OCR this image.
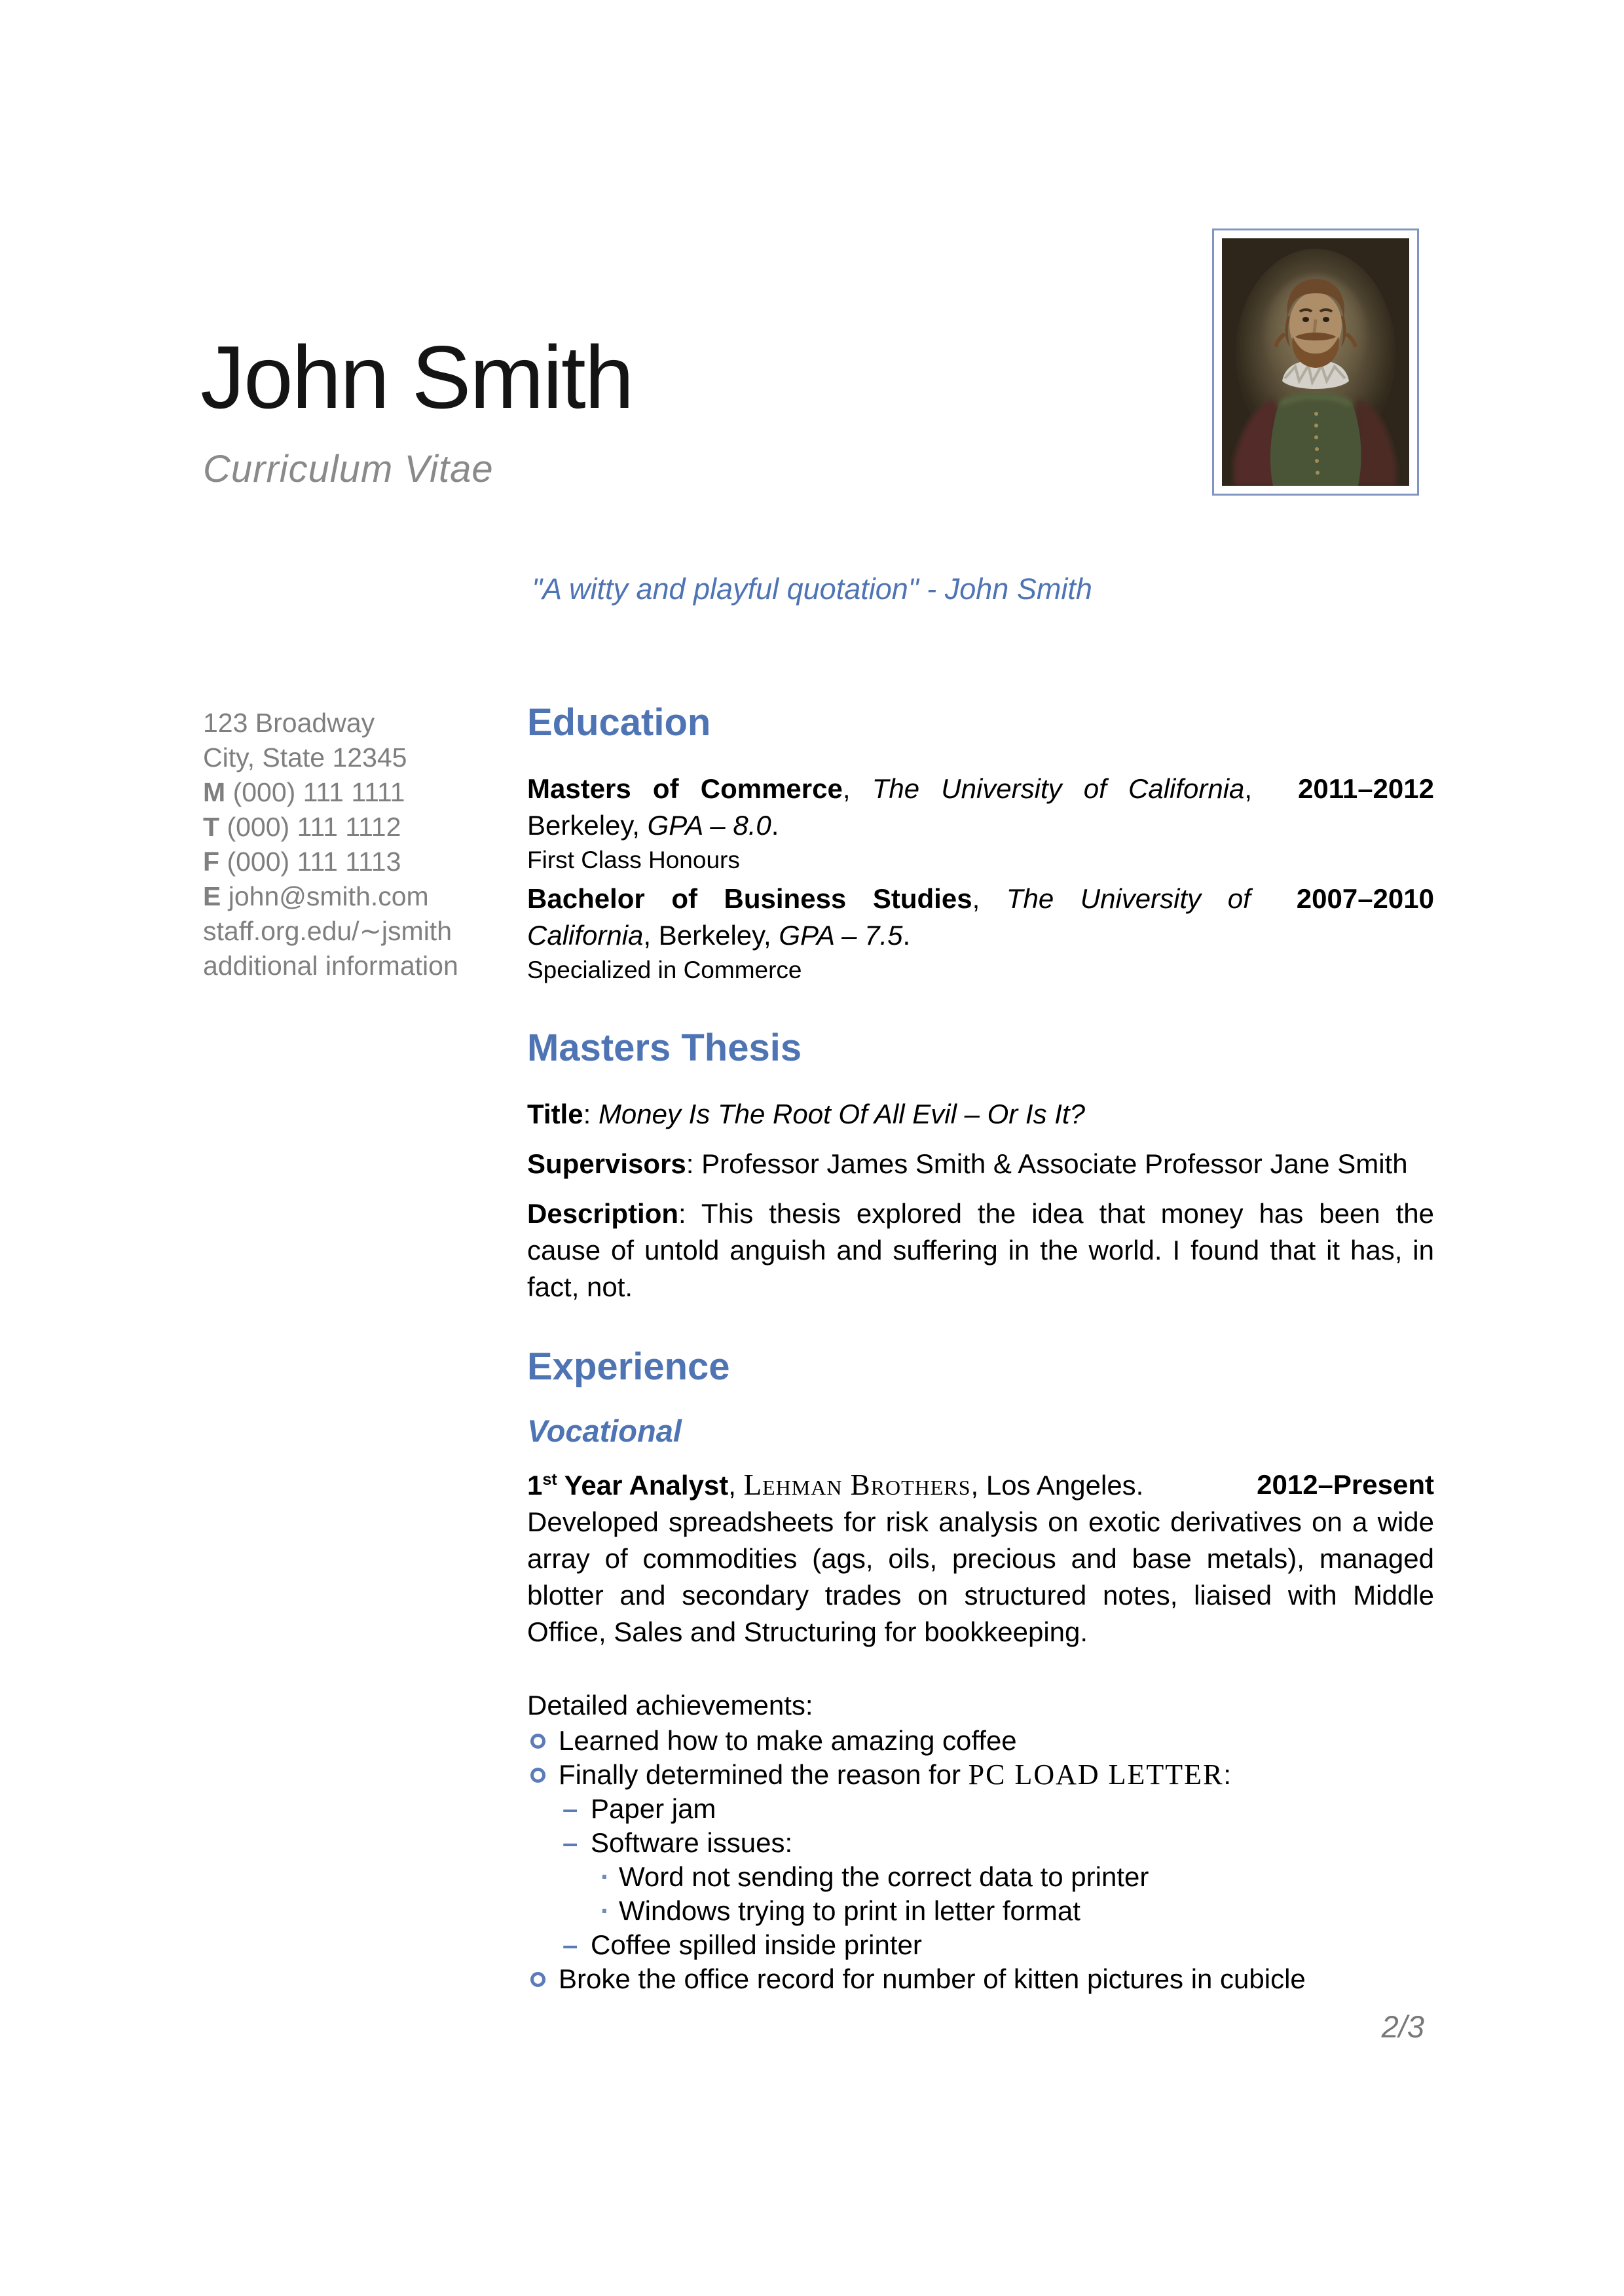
John Smith
Curriculum Vitae
"A witty and playful quotation" - John Smith
123 Broadway
City, State 12345
M (000) 111 1111
T (000) 111 1112
F (000) 111 1113
E john@smith.com
staff.org.edu/∼jsmith
additional information
Education

2011–2012
Masters of Commerce, The University of California, Berkeley, GPA – 8.0.

First Class Honours

2007–2010
Bachelor of Business Studies, The University of California, Berkeley, GPA – 7.5.

Specialized in Commerce

Masters Thesis

Title: Money Is The Root Of All Evil – Or Is It?

Supervisors: Professor James Smith & Associate Professor Jane Smith

Description: This thesis explored the idea that money has been the cause of untold anguish and suffering in the world. I found that it has, in fact, not.

Experience
Vocational

2012–Present
1st Year Analyst, Lehman Brothers, Los Angeles.

Developed spreadsheets for risk analysis on exotic derivatives on a wide array of commodities (ags, oils, precious and base metals), managed blotter and secondary trades on structured notes, liaised with Middle Office, Sales and Structuring for bookkeeping.

Detailed achievements:

Learned how to make amazing coffee
Finally determined the reason for PC LOAD LETTER:
– Paper jam
– Software issues:
· Word not sending the correct data to printer
· Windows trying to print in letter format
– Coffee spilled inside printer
Broke the office record for number of kitten pictures in cubicle
2/3
